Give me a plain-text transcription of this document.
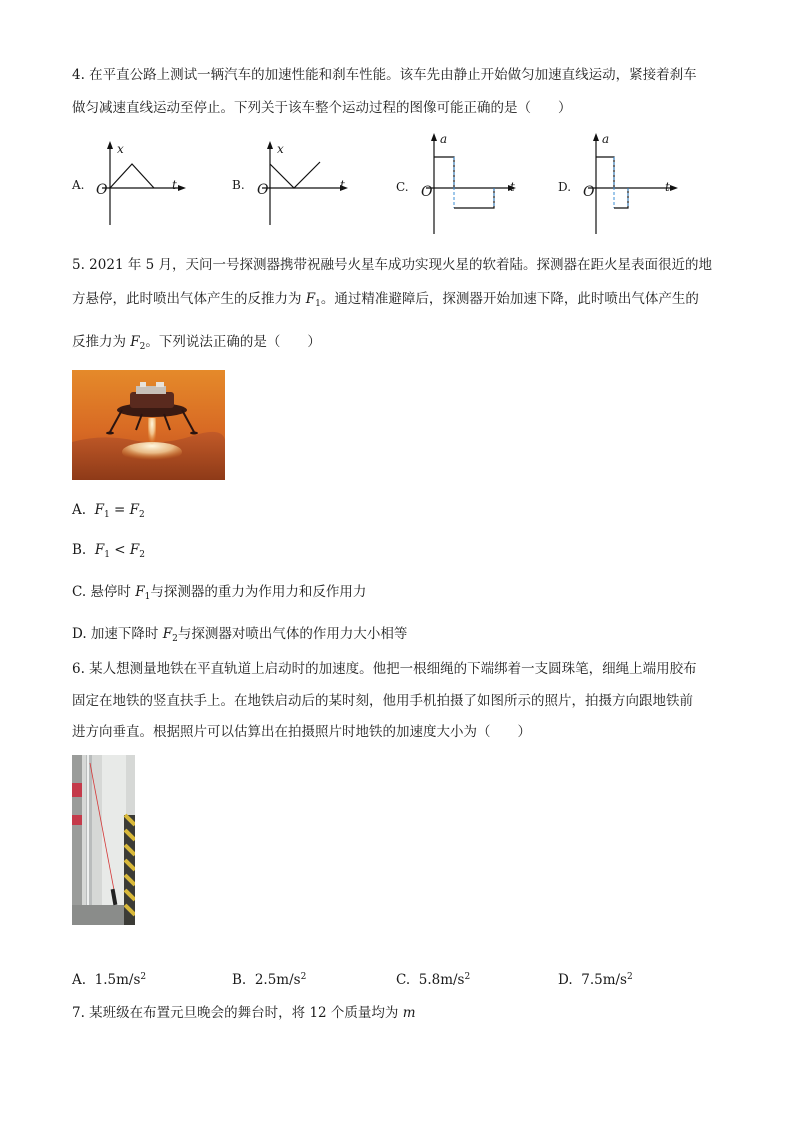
4. 在平直公路上测试一辆汽车的加速性能和刹车性能。该车先由静止开始做匀加速直线运动，紧接着刹车
做匀减速直线运动至停止。下列关于该车整个运动过程的图像可能正确的是（　　）
A.
x
t
O	B.
x
t
O	C.
a
t
O	D.
a
t
O
5. 2021 年 5 月，天问一号探测器携带祝融号火星车成功实现火星的软着陆。探测器在距火星表面很近的地
方悬停，此时喷出气体产生的反推力为 $F_1$。通过精准避障后，探测器开始加速下降，此时喷出气体产生的
反推力为 $F_2$。下列说法正确的是（　　）
A. $F_1 = F_2$
B. $F_1 < F_2$
C. 悬停时 $F_1$与探测器的重力为作用力和反作用力
D. 加速下降时 $F_2$与探测器对喷出气体的作用力大小相等
6. 某人想测量地铁在平直轨道上启动时的加速度。他把一根细绳的下端绑着一支圆珠笔，细绳上端用胶布
固定在地铁的竖直扶手上。在地铁启动后的某时刻，他用手机拍摄了如图所示的照片，拍摄方向跟地铁前
进方向垂直。根据照片可以估算出在拍摄照片时地铁的加速度大小为（　　）
A. $1.5m/s^2$	B. $2.5m/s^2$	C. $5.8m/s^2$	D. $7.5m/s^2$
7. 某班级在布置元旦晚会的舞台时，将 12 个质量均为 m
